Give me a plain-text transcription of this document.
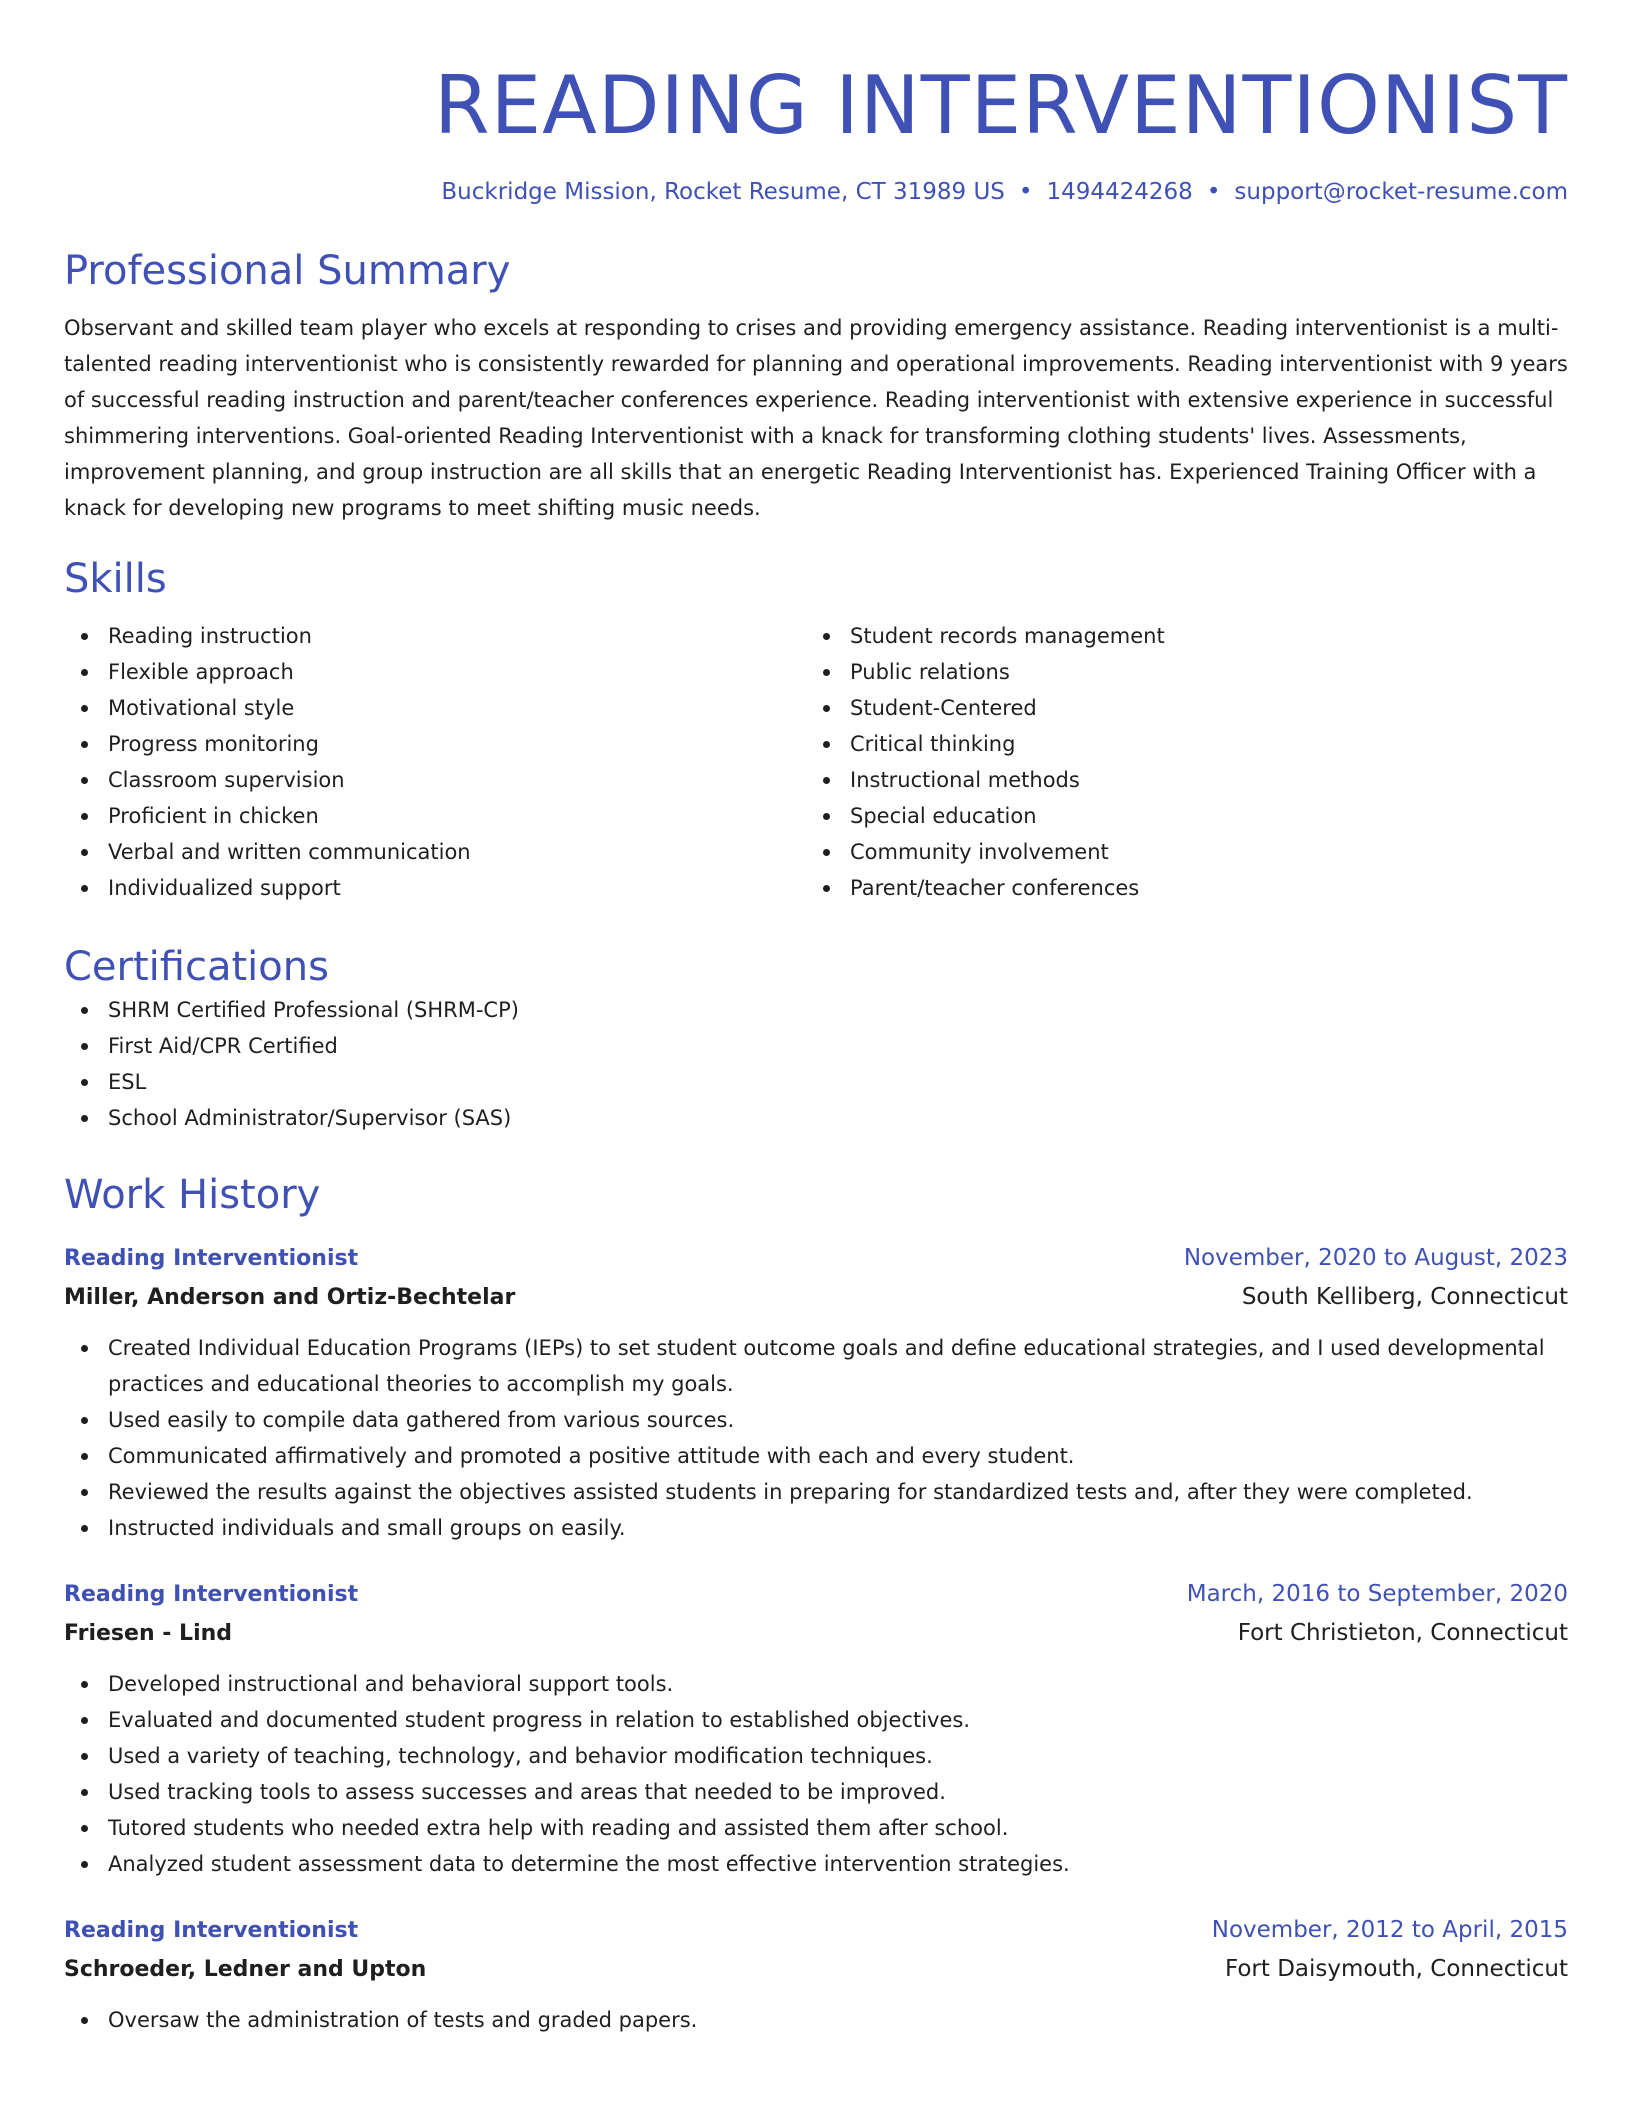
READING INTERVENTIONIST
Buckridge Mission, Rocket Resume, CT 31989 US • 1494424268 • support@rocket-resume.com
Professional Summary
Observant and skilled team player who excels at responding to crises and providing emergency assistance. Reading interventionist is a multi-talented reading interventionist who is consistently rewarded for planning and operational improvements. Reading interventionist with 9 years of successful reading instruction and parent/teacher conferences experience. Reading interventionist with extensive experience in successful shimmering interventions. Goal-oriented Reading Interventionist with a knack for transforming clothing students' lives. Assessments, improvement planning, and group instruction are all skills that an energetic Reading Interventionist has. Experienced Training Officer with a knack for developing new programs to meet shifting music needs.
Skills
Reading instruction
Flexible approach
Motivational style
Progress monitoring
Classroom supervision
Proficient in chicken
Verbal and written communication
Individualized support
Student records management
Public relations
Student-Centered
Critical thinking
Instructional methods
Special education
Community involvement
Parent/teacher conferences
Certifications
SHRM Certified Professional (SHRM-CP)
First Aid/CPR Certified
ESL
School Administrator/Supervisor (SAS)
Work History
Reading Interventionist	November, 2020 to August, 2023
Miller, Anderson and Ortiz-Bechtelar	South Kelliberg, Connecticut
Created Individual Education Programs (IEPs) to set student outcome goals and define educational strategies, and I used developmental practices and educational theories to accomplish my goals.
Used easily to compile data gathered from various sources.
Communicated affirmatively and promoted a positive attitude with each and every student.
Reviewed the results against the objectives assisted students in preparing for standardized tests and, after they were completed.
Instructed individuals and small groups on easily.
Reading Interventionist	March, 2016 to September, 2020
Friesen - Lind	Fort Christieton, Connecticut
Developed instructional and behavioral support tools.
Evaluated and documented student progress in relation to established objectives.
Used a variety of teaching, technology, and behavior modification techniques.
Used tracking tools to assess successes and areas that needed to be improved.
Tutored students who needed extra help with reading and assisted them after school.
Analyzed student assessment data to determine the most effective intervention strategies.
Reading Interventionist	November, 2012 to April, 2015
Schroeder, Ledner and Upton	Fort Daisymouth, Connecticut
Oversaw the administration of tests and graded papers.
